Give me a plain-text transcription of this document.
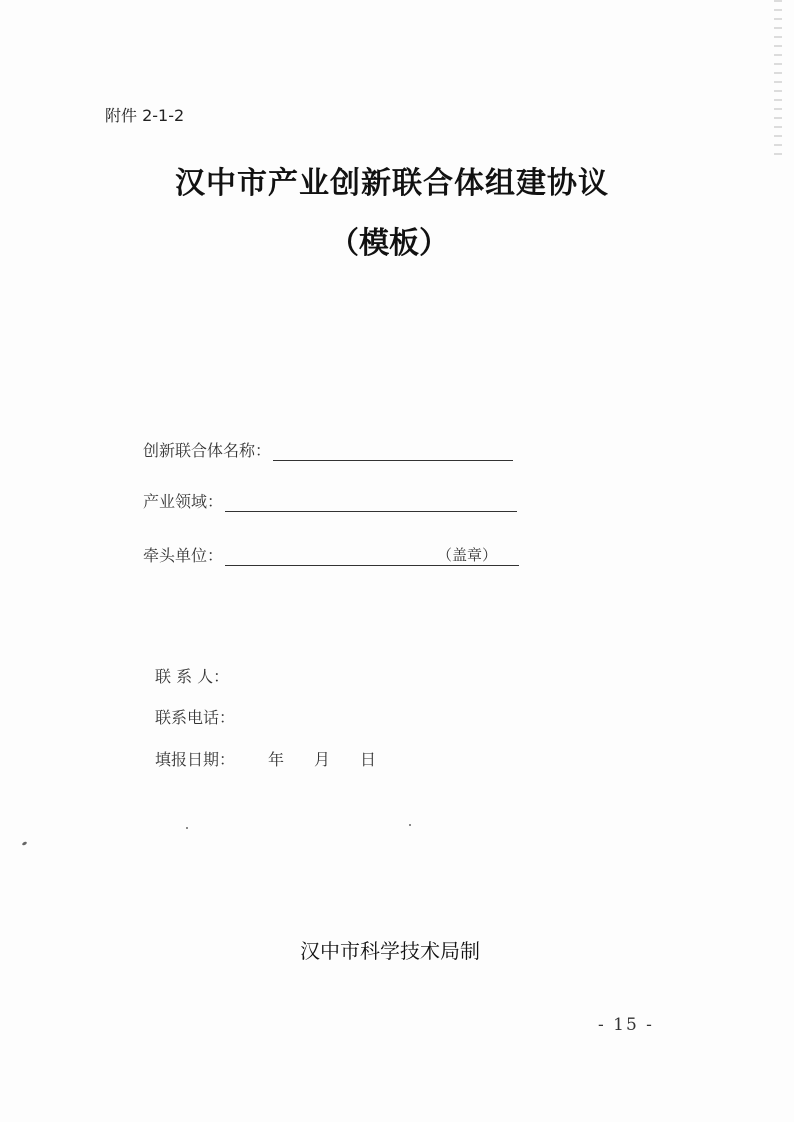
附件 2-1-2
汉中市产业创新联合体组建协议
（模板）
创新联合体名称：
产业领域：
牵头单位：	（盖章）
联 系 人：
联系电话：
填报日期： 年 月 日
汉中市科学技术局制
- 15 -
